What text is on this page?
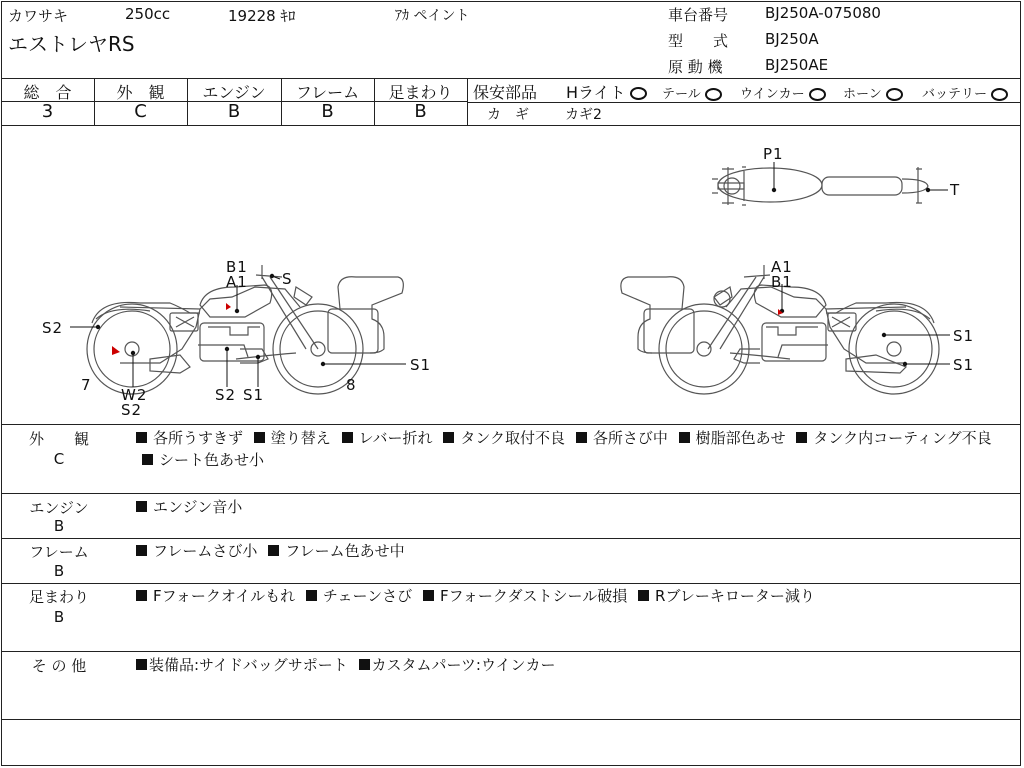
カワサキ	250cc	19228 ｷﾛ	ｱｶ ペイント
エストレヤRS
車台番号 BJ250A-075080
型　　式 BJ250A
原 動 機	BJ250AE
総　合	外　観	エンジン	フレーム	足まわり
3	C	B	B	B
保安部品 Hライト	テール	ウインカー	ホーン	バッテリー
カ　ギ	カギ2
B1
A1 S
S2
7
W2
S2
S2 S1
S1
8
A1
B1
S1
S1
P1
T
外　　観
C
各所うすきず 塗り替え レバー折れ タンク取付不良 各所さび中 樹脂部色あせ タンク内コーティング不良 シート色あせ小
エンジン
B
エンジン音小
フレーム
B
フレームさび小 フレーム色あせ中
足まわり
B
Fフォークオイルもれ チェーンさび Fフォークダストシール破損 Rブレーキローター減り
そ の 他	装備品:サイドバッグサポート カスタムパーツ:ウインカー
